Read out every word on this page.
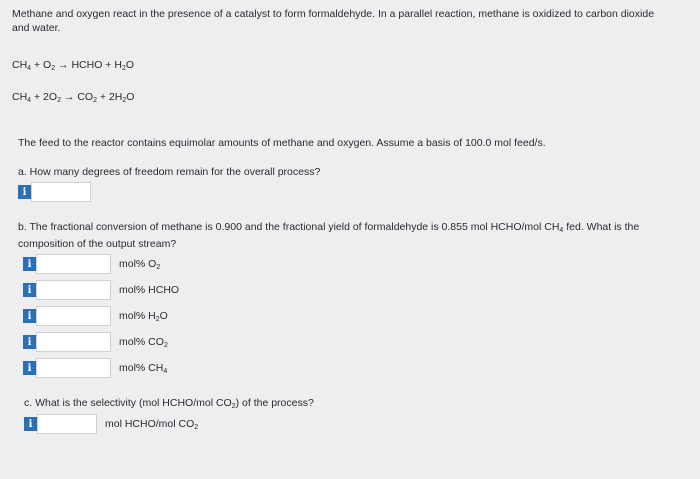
Methane and oxygen react in the presence of a catalyst to form formaldehyde. In a parallel reaction, methane is oxidized to carbon dioxide and water.
$CH_4 + O_2$ → HCHO + $H_2O$
$CH_4 + 2O_2 \to CO_2 + 2H_2O$
The feed to the reactor contains equimolar amounts of methane and oxygen. Assume a basis of 100.0 mol feed/s.
a. How many degrees of freedom remain for the overall process?
i
b. The fractional conversion of methane is 0.900 and the fractional yield of formaldehyde is 0.855 mol HCHO/mol $CH_4$ fed. What is the
composition of the output stream?
i	mol% $O_2$
i	mol% HCHO
i	mol% $H_2O$
i	mol% $CO_2$
i	mol% $CH_4$
c. What is the selectivity (mol HCHO/mol $CO_2$) of the process?
i	mol HCHO/mol $CO_2$
